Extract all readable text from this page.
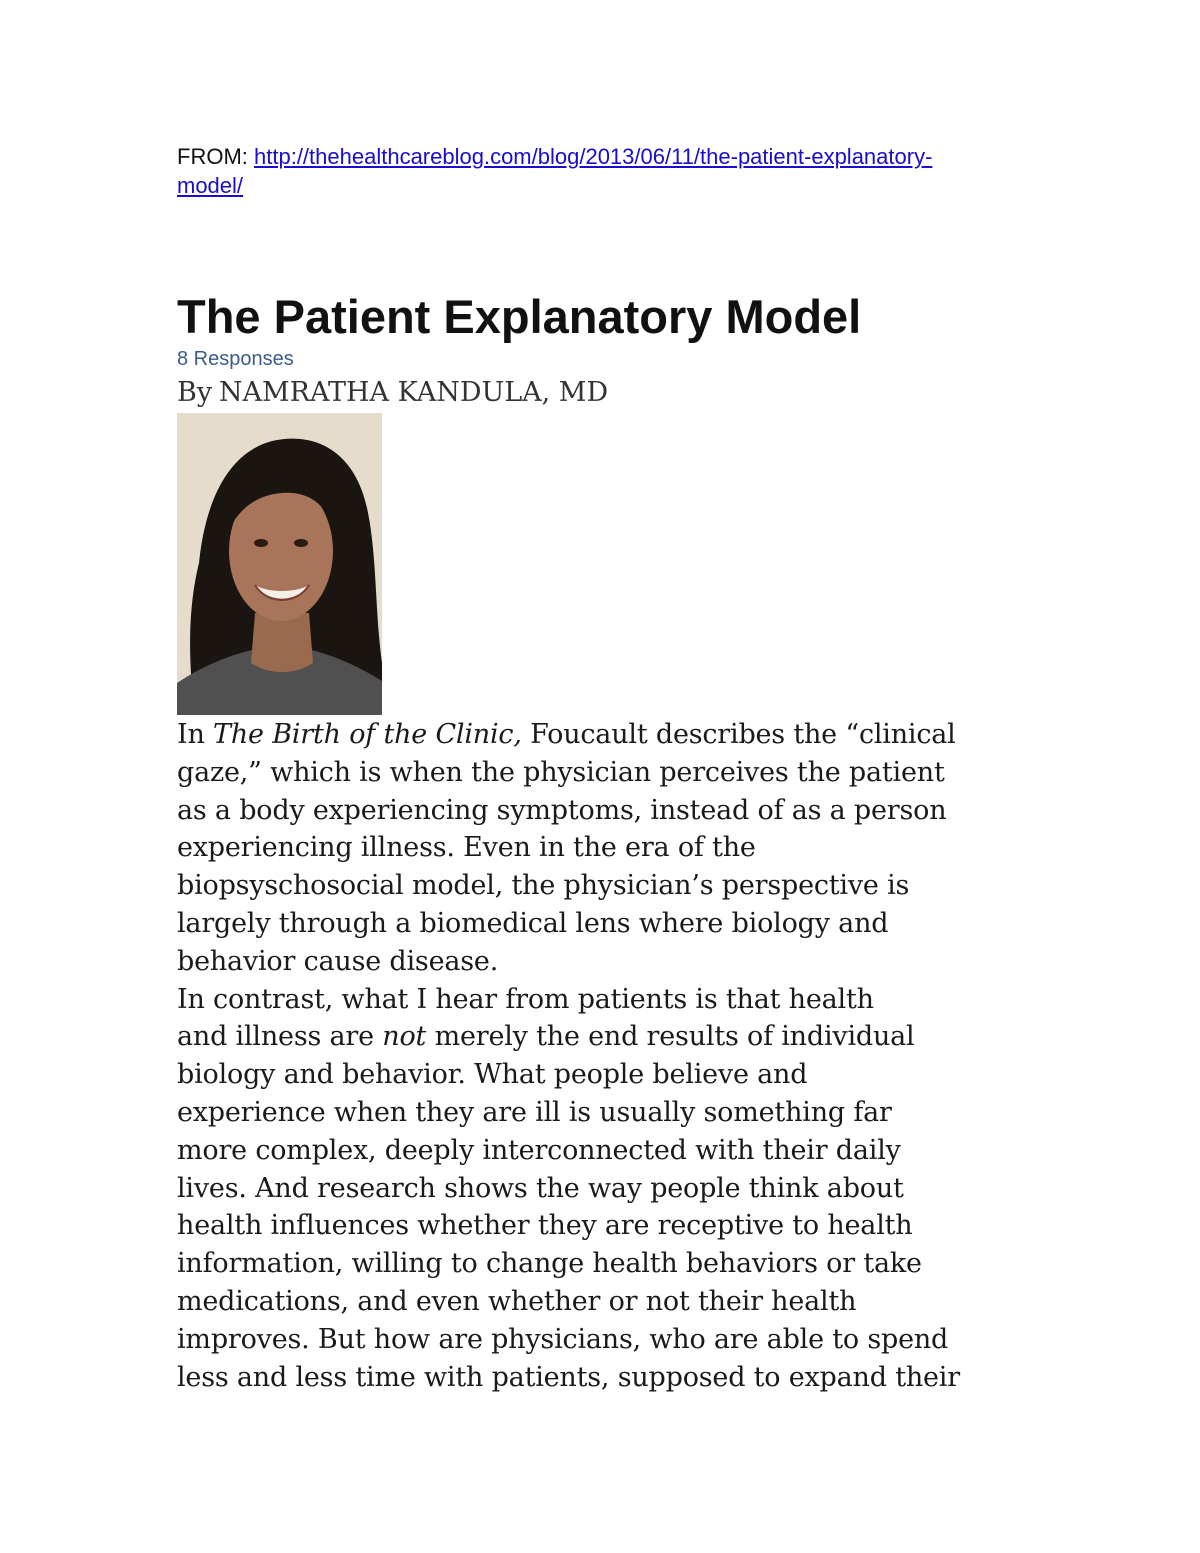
FROM: http://thehealthcareblog.com/blog/2013/06/11/the-patient-explanatory-
model/
The Patient Explanatory Model
8 Responses
By NAMRATHA KANDULA, MD

In The Birth of the Clinic, Foucault describes the “clinical
gaze,” which is when the physician perceives the patient
as a body experiencing symptoms, instead of as a person
experiencing illness. Even in the era of the
biopsyschosocial model, the physician’s perspective is
largely through a biomedical lens where biology and
behavior cause disease.

In contrast, what I hear from patients is that health
and illness are not merely the end results of individual
biology and behavior. What people believe and
experience when they are ill is usually something far
more complex, deeply interconnected with their daily
lives. And research shows the way people think about
health influences whether they are receptive to health
information, willing to change health behaviors or take
medications, and even whether or not their health
improves. But how are physicians, who are able to spend
less and less time with patients, supposed to expand their
